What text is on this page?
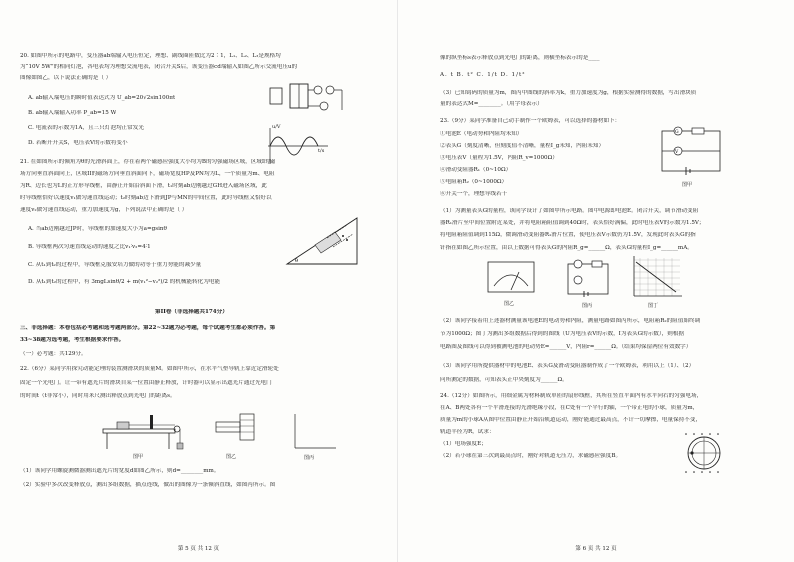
20. 如图甲所示的电路中，变压器ab端输入电压恒定，理想、副线圈匝数比为2∶1，L₁、L₂、L₃是规格均
为“10V 5W”的相同灯泡，各电表均为理想交流电表，闭合开关S后，该变压器cd端输入如图乙所示交流电压u的
图像如图乙，以下说法正确的是（ ）
A. ab输入端电压的瞬时值表达式为 U_ab=20√2sin100πt
B. ab输入端输入功率 P_ab=15 W
C. 电流表的示数为1A，且三只灯泡均正常发光
D. 若断开开关S，电压表V的示数将变小
u/V
t/s
21. 在如图所示的倾角为θ的光滑斜面上，存在着两个磁感应强度大小均为B的匀强磁场区域，区域I的磁
场方向垂直斜面向上，区域II的磁场方向垂直斜面向下，磁场宽度HP及PN均为L，一个质量为m、电阻
为R、边长也为L的正方形导线框，由静止开始沿斜面下滑，t₁时刻ab边刚越过GH进入磁场区域，此
时导线框恰好以速度v₁做匀速直线运动；t₂时刻ab边下滑到JP与MN的中间位置，此时导线框又恰好以
速度v₂做匀速直线运动，重力加速度为g，下列说法中正确的是（ ）
A. 当ab边刚越过JP时，导线框的加速度大小为a=gsinθ
B. 导线框两次匀速直线运动的速度之比v₁∶v₂=4∶1
C. 从t₁到t₂的过程中，导线框克服安培力做的功等于重力势能的减少量
D. 从t₁到t₂的过程中，有 3mgLsinθ/2 + m(v₁²−v₂²)/2 的机械能转化为电能
θ
第II卷（非选择题共174分）
三、非选择题：本卷包括必考题和选考题两部分。第22~32题为必考题，每个试题考生都必须作答。第
33~38题为选考题，考生根据要求作答。
（一）必考题：共129分。
22.（6分）某同学用探究动能定理的装置测滑块的质量M。如图甲所示，在水平气垫导轨上靠近定滑轮处
固定一个光电门。让一带有遮光片的滑块自某一位置由静止释放，计时器可以显示出遮光片通过光电门
的时间t（t非常小），同时用米尺测出释放点到光电门的距离s。
图甲	图乙	图丙
（1）该同学用螺旋测微器测出遮光片的宽度d如图乙所示，则d=________mm。
（2）实验中多次改变释放点，测出多组数据，描点连线，做出的图像为一条倾斜直线，如图丙所示。图
第 5 页 共 12 页
像的纵坐标s表示释放点到光电门的距离，则横坐标表示的是____
A. t B. t² C. 1/t D. 1/t²
（3）已知钩码的质量为m，图丙中图线的斜率为k，重力加速度为g，根据实验测得的数据，写出滑块质
量的表达式M=________。（用字母表示）
23.（9分）某同学准备自己动手制作一个欧姆表，可以选择的器材如下：
①电池E（电动势和内阻均未知）
②表头G（刻度清晰，但刻度值不清晰，量程I_g未知，内阻未知）
③电压表V（量程为1.5V，内阻R_v=1000Ω）
④滑动变阻器R₁（0~10Ω）
⑤电阻箱R₂（0~1000Ω）
⑥开关一个，理想导线若干
G
V
图甲
（1）为测量表头G的量程，该同学设计了如图甲所示电路。图中电源即电池E。闭合开关，调节滑动变阻
器R₁滑片至中间位置附近某处，并将电阻箱阻值调到40Ω时，表头恰好满偏，此时电压表V的示数为1.5V；
将电阻箱阻值调到115Ω，微调滑动变阻器R₁滑片位置，使电压表V示数仍为1.5V，发现此时表头G的指
针指在如图乙所示位置，由以上数据可得表头G的内阻R_g=______Ω，表头G的量程I_g=______mA。
图乙	图丙	图丁
（2）该同学接着用上述器材测量该电池E的电动势和内阻，测量电路如图丙所示，电阻箱R₂的阻值始终调
节为1000Ω；图丁为测出多组数据后得到的图线（U为电压表V的示数，I为表头G的示数），则根据
电路图及图线可以得到被测电池的电动势E=______V，内阻r=______Ω。（结果均保留两位有效数字）
（3）该同学用所提供器材中的电池E、表头G及滑动变阻器制作成了一个欧姆表，利用以上（1）、（2）
问所测定的数据，可知表头正中央刻度为______Ω。
24.（12分）如图所示，用细金属为材料制成单匝的扇形线框，其所在竖直平面内有水平向右的匀强电场，
在A、B两处各有一个平滑连接的光滑绝缘小段，在C处有一个平行的轴，一个带正电的小球，质量为m，
质量为m的小球A从图中位置由静止开始沿轨道运动，刚好能通过最高点，不计一切摩擦，电量保持不变，
轨道半径为R，试求：
（1）电场强度E；
（2）若小球在第三次到最高点时，刚好对轨道无压力，求磁感应强度B。
第 6 页 共 12 页
